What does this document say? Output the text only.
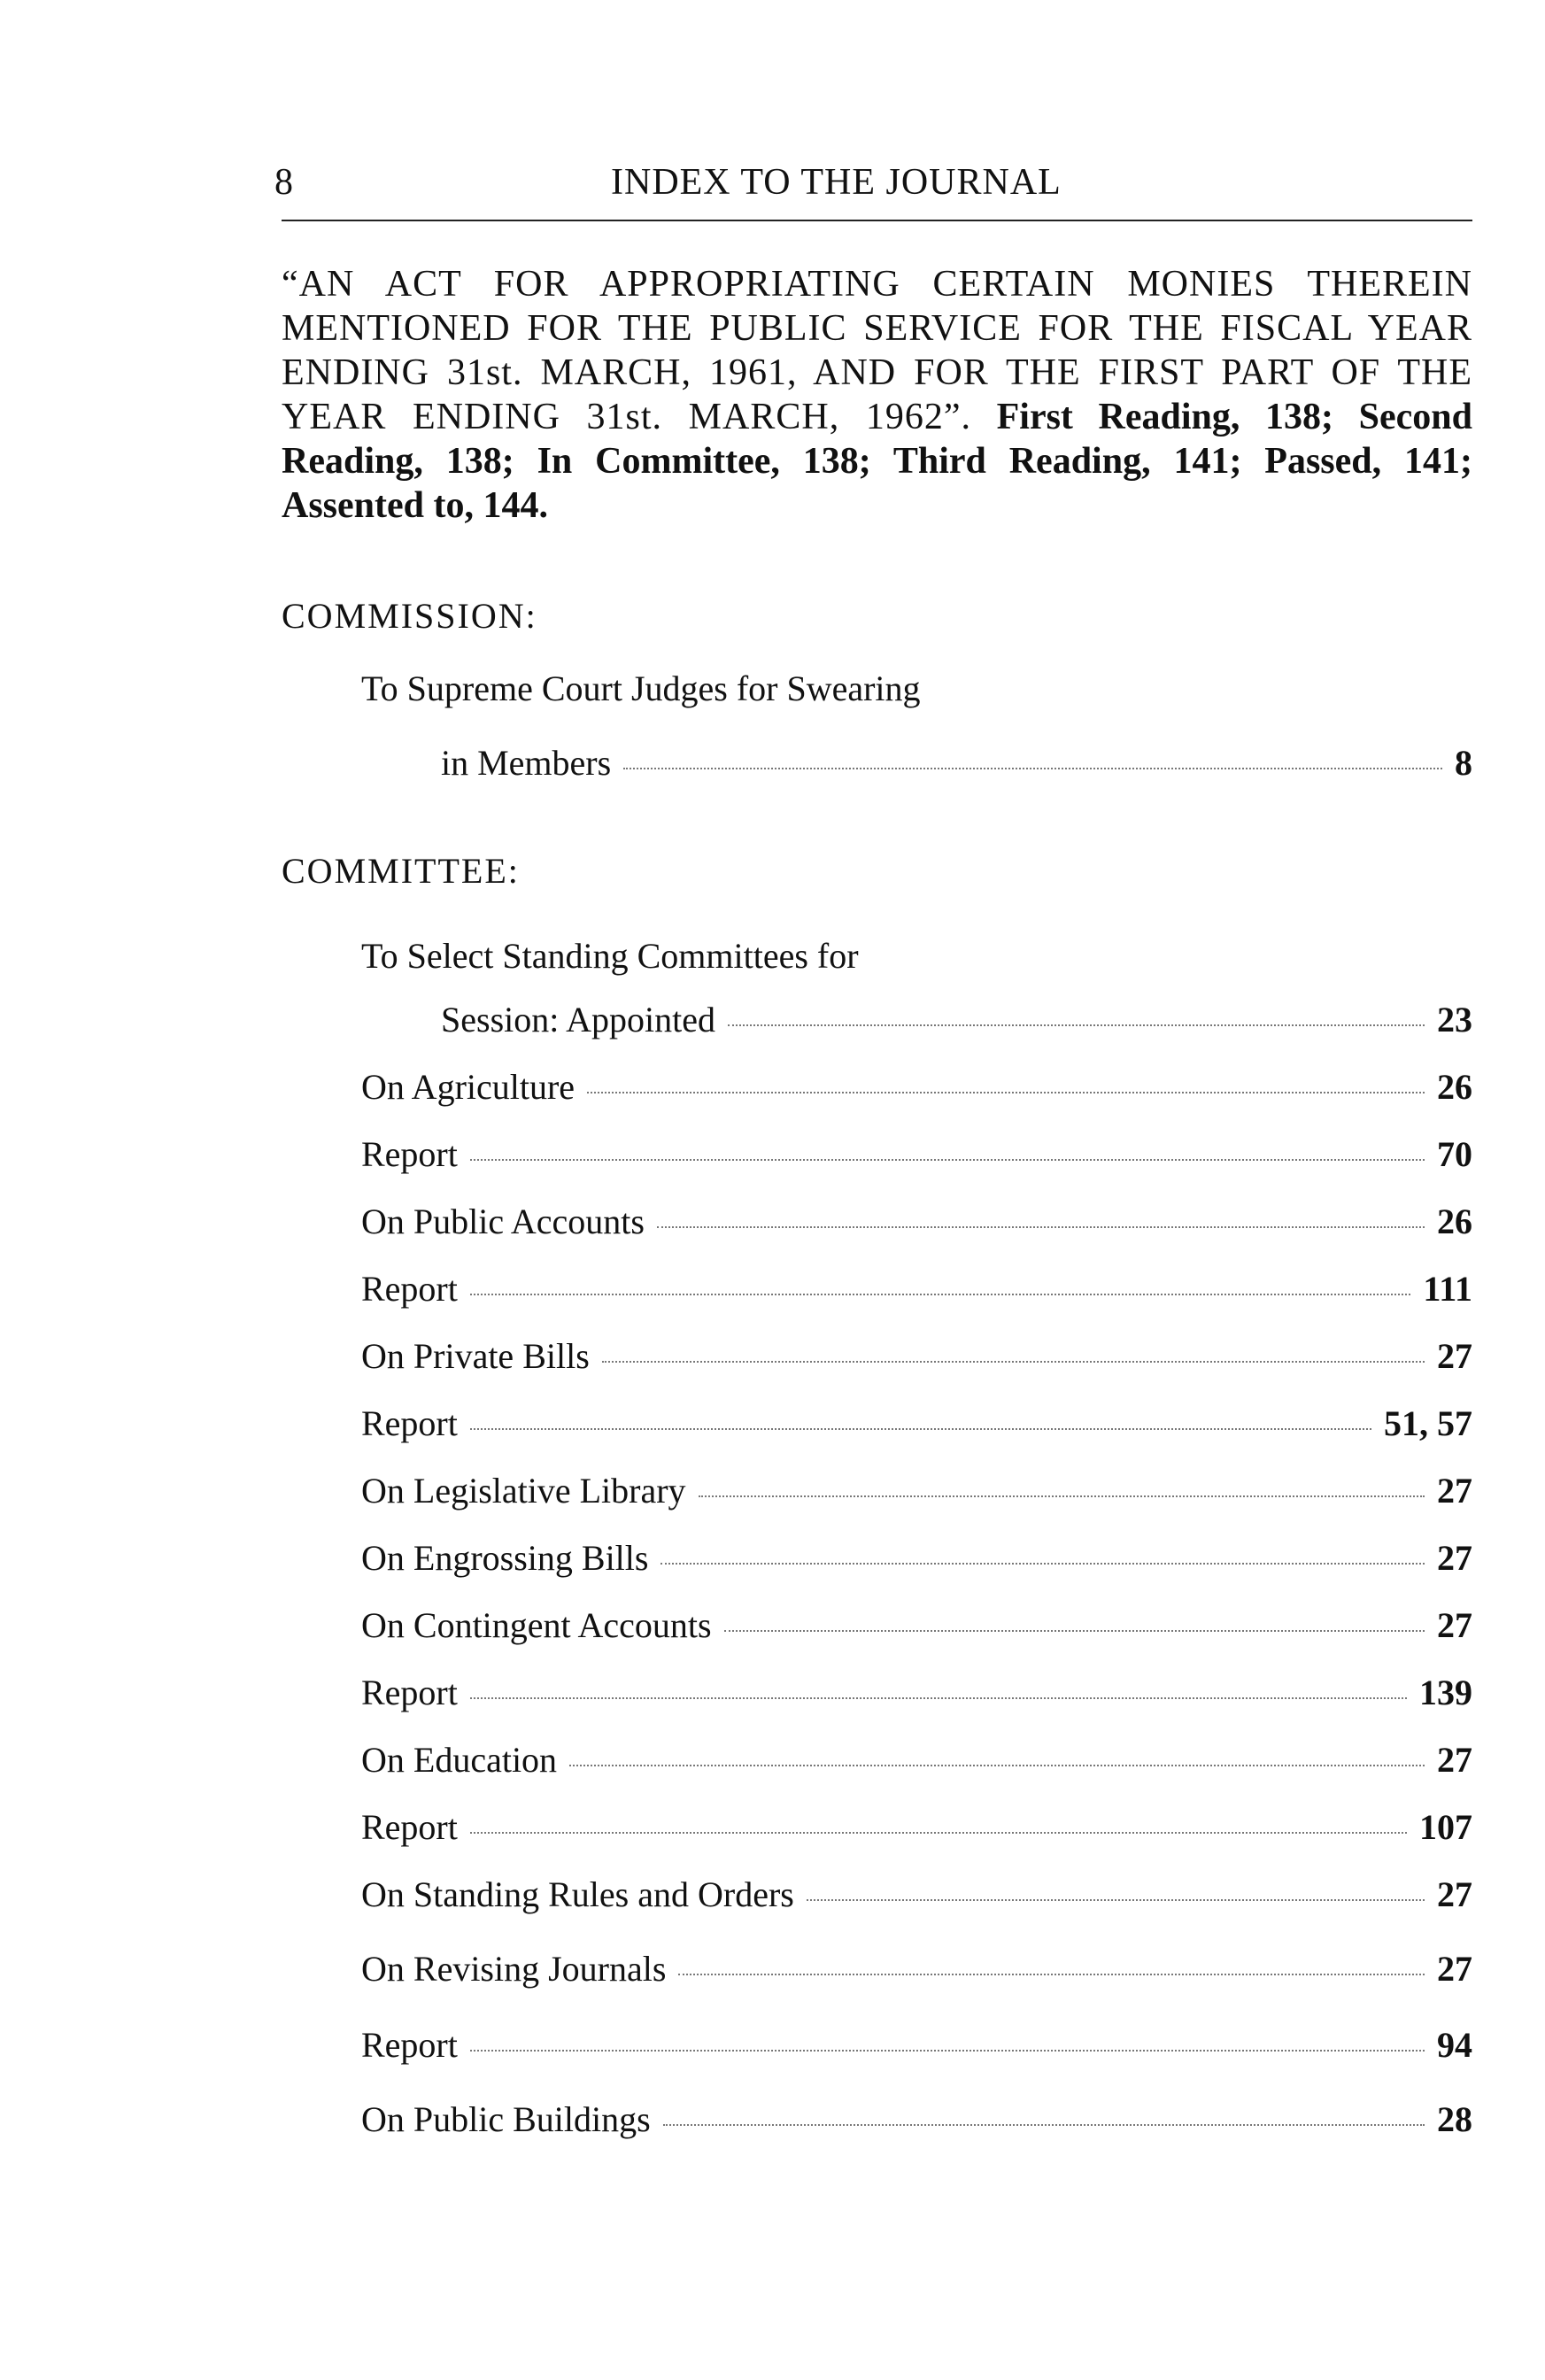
8	INDEX TO THE JOURNAL
“AN ACT FOR APPROPRIATING CERTAIN MONIES THEREIN MENTIONED FOR THE PUBLIC SERVICE FOR THE FISCAL YEAR ENDING 31st. MARCH, 1961, AND FOR THE FIRST PART OF THE YEAR ENDING 31st. MARCH, 1962”. First Reading, 138; Second Reading, 138; In Committee, 138; Third Reading, 141; Passed, 141; Assented to, 144.
COMMISSION:
To Supreme Court Judges for Swearing
in Members	8
COMMITTEE:
To Select Standing Committees for
Session: Appointed	23
On Agriculture	26
Report	70
On Public Accounts	26
Report	111
On Private Bills	27
Report	51, 57
On Legislative Library	27
On Engrossing Bills	27
On Contingent Accounts	27
Report	139
On Education	27
Report	107
On Standing Rules and Orders	27
On Revising Journals	27
Report	94
On Public Buildings	28
